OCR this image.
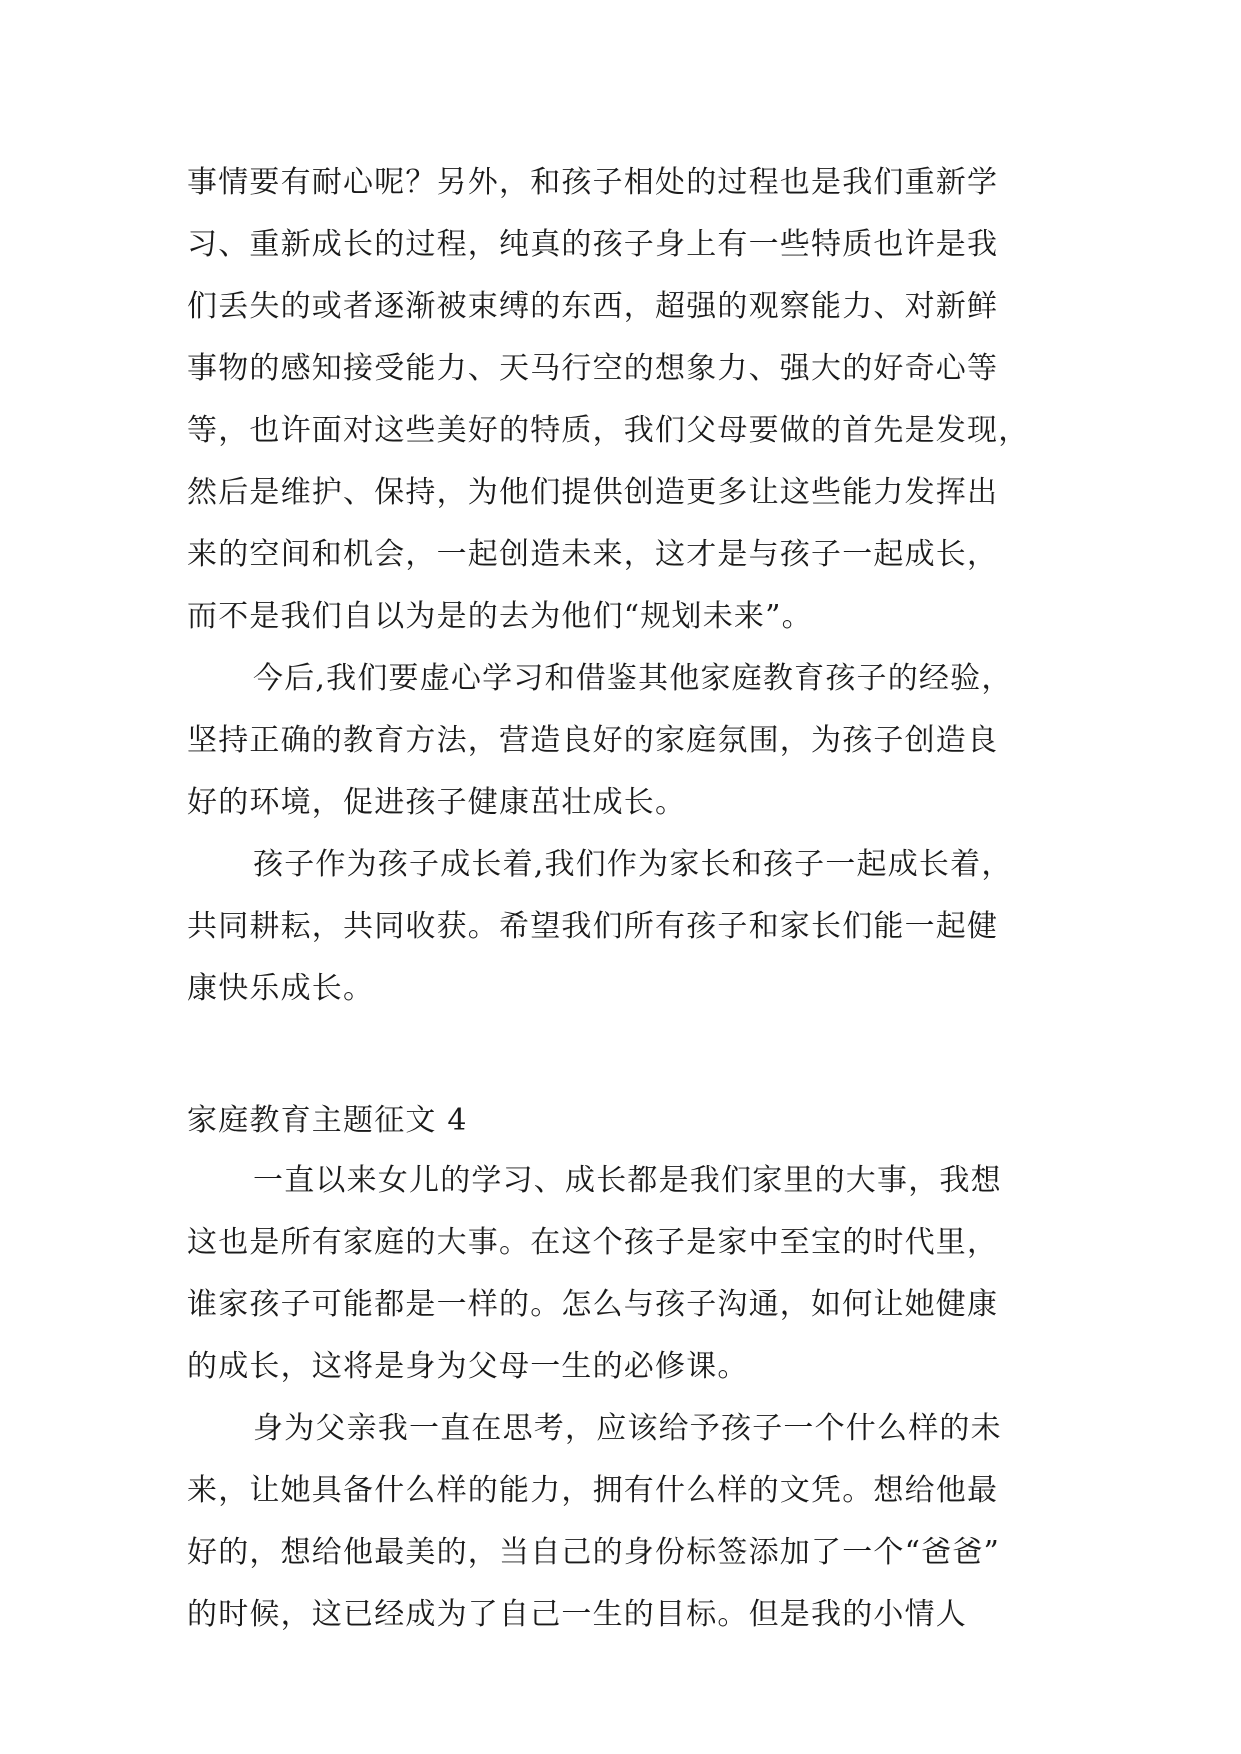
事情要有耐心呢？另外，和孩子相处的过程也是我们重新学
习、重新成长的过程，纯真的孩子身上有一些特质也许是我
们丢失的或者逐渐被束缚的东西，超强的观察能力、对新鲜
事物的感知接受能力、天马行空的想象力、强大的好奇心等
等，也许面对这些美好的特质，我们父母要做的首先是发现，
然后是维护、保持，为他们提供创造更多让这些能力发挥出
来的空间和机会，一起创造未来，这才是与孩子一起成长，
而不是我们自以为是的去为他们“规划未来”。
今后,我们要虚心学习和借鉴其他家庭教育孩子的经验，
坚持正确的教育方法，营造良好的家庭氛围，为孩子创造良
好的环境，促进孩子健康茁壮成长。
孩子作为孩子成长着,我们作为家长和孩子一起成长着，
共同耕耘，共同收获。希望我们所有孩子和家长们能一起健
康快乐成长。
家庭教育主题征文 4
一直以来女儿的学习、成长都是我们家里的大事，我想
这也是所有家庭的大事。在这个孩子是家中至宝的时代里，
谁家孩子可能都是一样的。怎么与孩子沟通，如何让她健康
的成长，这将是身为父母一生的必修课。
身为父亲我一直在思考，应该给予孩子一个什么样的未
来，让她具备什么样的能力，拥有什么样的文凭。想给他最
好的，想给他最美的，当自己的身份标签添加了一个“爸爸”
的时候，这已经成为了自己一生的目标。但是我的小情人
